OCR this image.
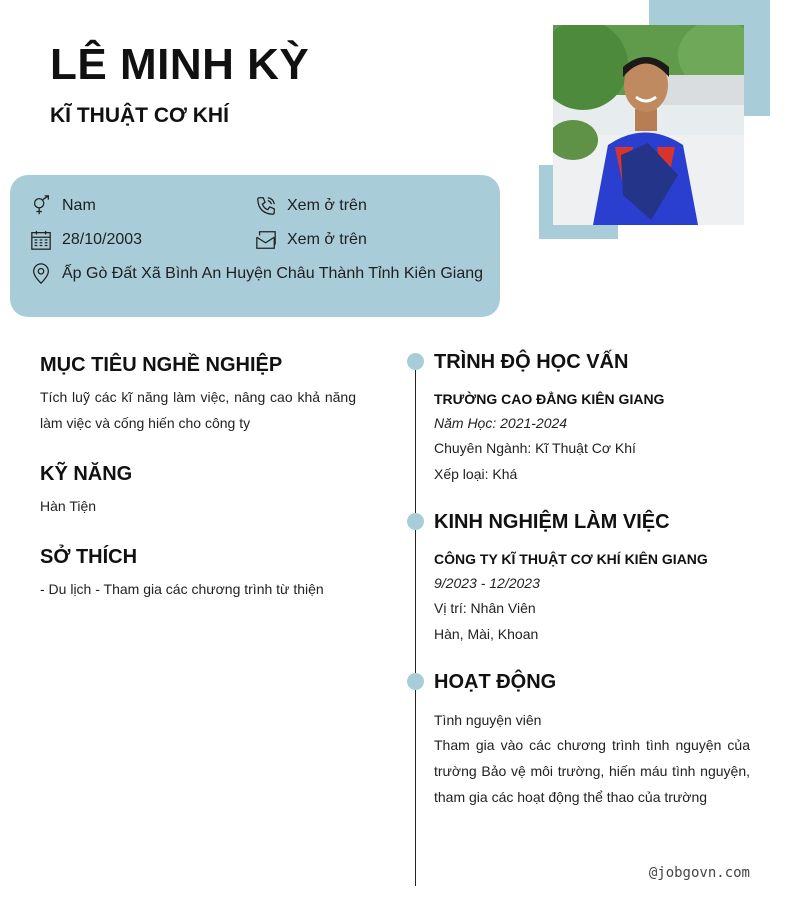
LÊ MINH KỲ
KĨ THUẬT CƠ KHÍ
Nam	Xem ở trên
28/10/2003	Xem ở trên
Ấp Gò Đất Xã Bình An Huyện Châu Thành Tỉnh Kiên Giang
MỤC TIÊU NGHỀ NGHIỆP

Tích luỹ các kĩ năng làm việc, nâng cao khả năng làm việc và cống hiến cho công ty

KỸ NĂNG

Hàn Tiện

SỞ THÍCH

- Du lịch - Tham gia các chương trình từ thiện

TRÌNH ĐỘ HỌC VẤN
TRƯỜNG CAO ĐẲNG KIÊN GIANG
Năm Học: 2021-2024
Chuyên Ngành: Kĩ Thuật Cơ Khí
Xếp loại: Khá
KINH NGHIỆM LÀM VIỆC
CÔNG TY KĨ THUẬT CƠ KHÍ KIÊN GIANG
9/2023 - 12/2023
Vị trí: Nhân Viên
Hàn, Mài, Khoan
HOẠT ĐỘNG
Tình nguyện viên
Tham gia vào các chương trình tình nguyện của trường Bảo vệ môi trường, hiến máu tình nguyện, tham gia các hoạt động thể thao của trường
@jobgovn.com
